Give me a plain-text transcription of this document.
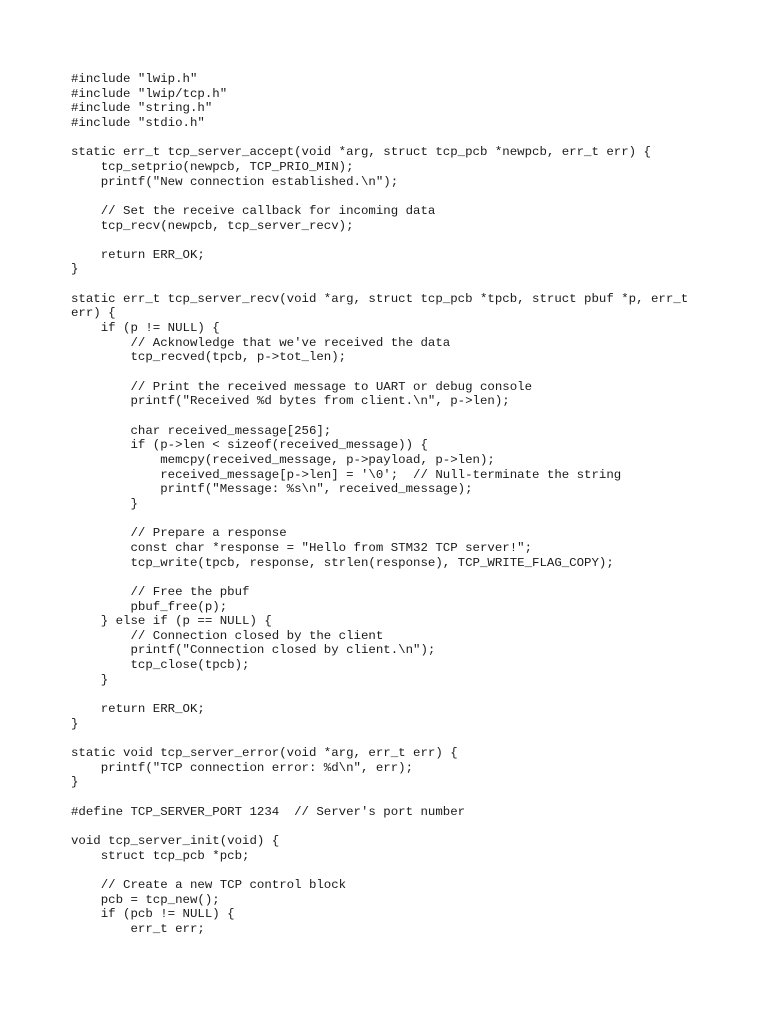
#include "lwip.h"
#include "lwip/tcp.h"
#include "string.h"
#include "stdio.h"
static err_t tcp_server_accept(void *arg, struct tcp_pcb *newpcb, err_t err) {
tcp_setprio(newpcb, TCP_PRIO_MIN);
printf("New connection established.\n");
// Set the receive callback for incoming data
tcp_recv(newpcb, tcp_server_recv);
return ERR_OK;
}
static err_t tcp_server_recv(void *arg, struct tcp_pcb *tpcb, struct pbuf *p, err_t
err) {
if (p != NULL) {
// Acknowledge that we've received the data
tcp_recved(tpcb, p->tot_len);
// Print the received message to UART or debug console
printf("Received %d bytes from client.\n", p->len);
char received_message[256];
if (p->len < sizeof(received_message)) {
memcpy(received_message, p->payload, p->len);
received_message[p->len] = '\0';  // Null-terminate the string
printf("Message: %s\n", received_message);
}
// Prepare a response
const char *response = "Hello from STM32 TCP server!";
tcp_write(tpcb, response, strlen(response), TCP_WRITE_FLAG_COPY);
// Free the pbuf
pbuf_free(p);
} else if (p == NULL) {
// Connection closed by the client
printf("Connection closed by client.\n");
tcp_close(tpcb);
}
return ERR_OK;
}
static void tcp_server_error(void *arg, err_t err) {
printf("TCP connection error: %d\n", err);
}
#define TCP_SERVER_PORT 1234  // Server's port number
void tcp_server_init(void) {
struct tcp_pcb *pcb;
// Create a new TCP control block
pcb = tcp_new();
if (pcb != NULL) {
err_t err;
